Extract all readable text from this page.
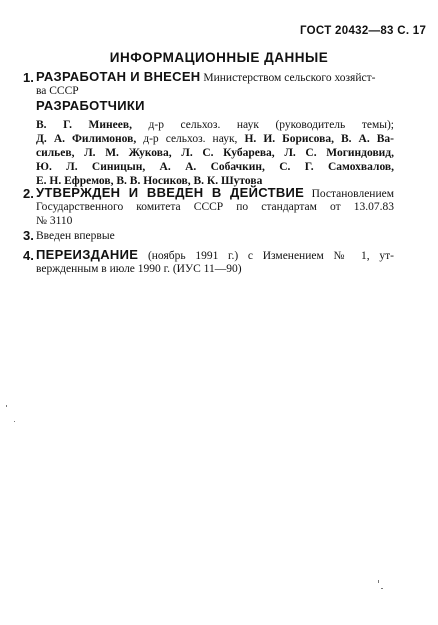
ГОСТ 20432—83 С. 17
ИНФОРМАЦИОННЫЕ ДАННЫЕ
1. РАЗРАБОТАН И ВНЕСЕН Министерством сельского хозяйст-
ва СССР
РАЗРАБОТЧИКИ
В. Г. Минеев, д-р сельхоз. наук (руководитель темы);
Д. А. Филимонов, д-р сельхоз. наук, Н. И. Борисова, В. А. Ва-
сильев, Л. М. Жукова, Л. С. Кубарева, Л. С. Могиндовид,
Ю. Л. Синицын, А. А. Собачкин, С. Г. Самохвалов,
Е. Н. Ефремов, В. В. Носиков, В. К. Шутова
2. УТВЕРЖДЕН И ВВЕДЕН В ДЕЙСТВИЕ Постановлением
Государственного комитета СССР по стандартам от 13.07.83
№ 3110
3. Введен впервые
4. ПЕРЕИЗДАНИЕ (ноябрь 1991 г.) с Изменением № 1, ут-
вержденным в июле 1990 г. (ИУС 11—90)
